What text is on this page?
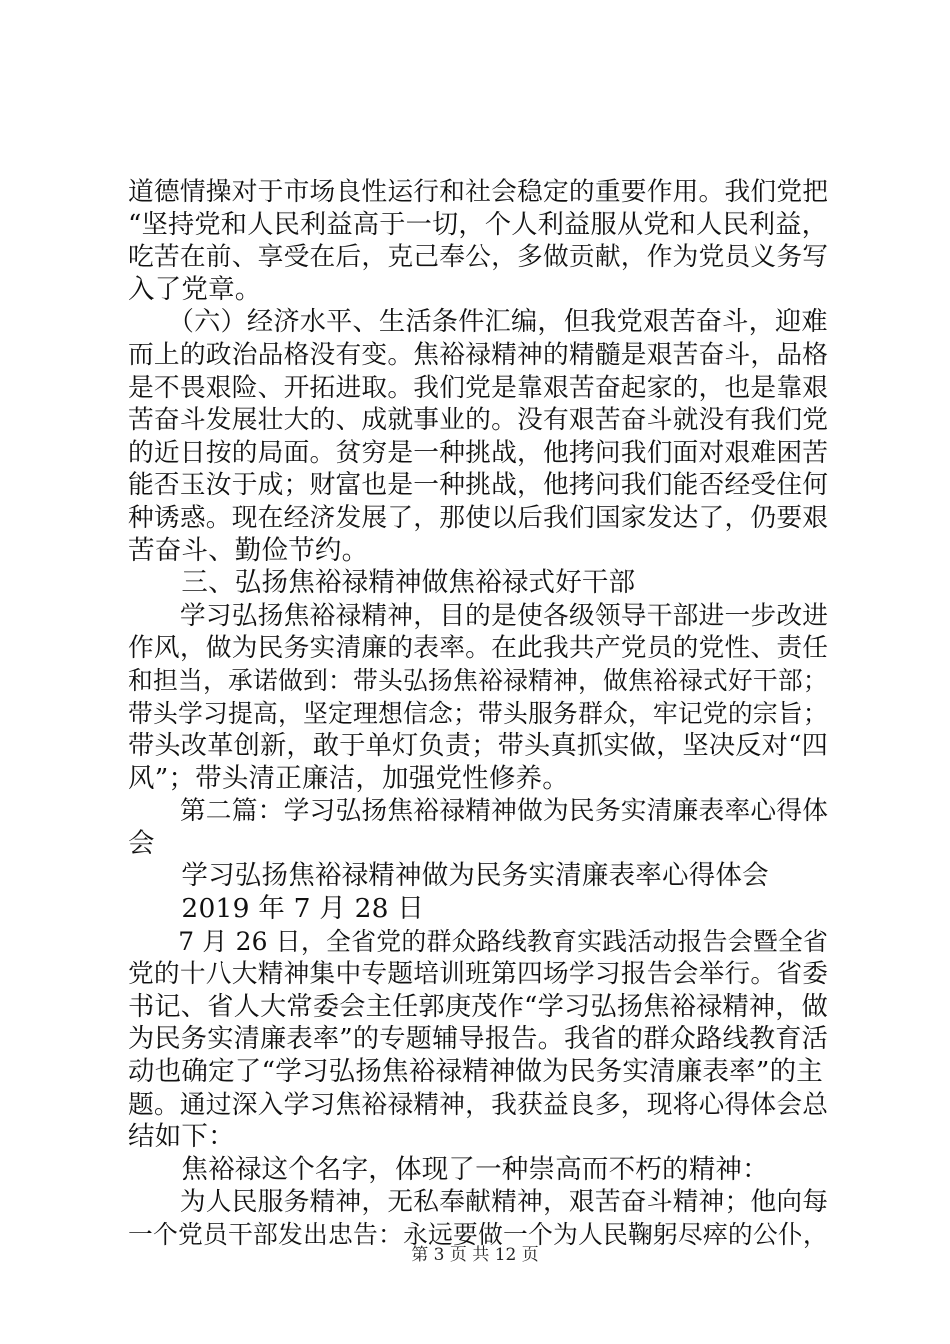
道德情操对于市场良性运行和社会稳定的重要作用。我们党把
“坚持党和人民利益高于一切，个人利益服从党和人民利益，
吃苦在前、享受在后，克己奉公，多做贡献，作为党员义务写
入了党章。
　　（六）经济水平、生活条件汇编，但我党艰苦奋斗，迎难
而上的政治品格没有变。焦裕禄精神的精髓是艰苦奋斗，品格
是不畏艰险、开拓进取。我们党是靠艰苦奋起家的，也是靠艰
苦奋斗发展壮大的、成就事业的。没有艰苦奋斗就没有我们党
的近日按的局面。贫穷是一种挑战，他拷问我们面对艰难困苦
能否玉汝于成；财富也是一种挑战，他拷问我们能否经受住何
种诱惑。现在经济发展了，那使以后我们国家发达了，仍要艰
苦奋斗、勤俭节约。
　　三、弘扬焦裕禄精神做焦裕禄式好干部
　　学习弘扬焦裕禄精神，目的是使各级领导干部进一步改进
作风，做为民务实清廉的表率。在此我共产党员的党性、责任
和担当，承诺做到：带头弘扬焦裕禄精神，做焦裕禄式好干部；
带头学习提高，坚定理想信念；带头服务群众，牢记党的宗旨；
带头改革创新，敢于单灯负责；带头真抓实做，坚决反对“四
风”；带头清正廉洁，加强党性修养。
　　第二篇：学习弘扬焦裕禄精神做为民务实清廉表率心得体
会
　　学习弘扬焦裕禄精神做为民务实清廉表率心得体会
　　2019 年 7 月 28 日
　　7 月 26 日，全省党的群众路线教育实践活动报告会暨全省
党的十八大精神集中专题培训班第四场学习报告会举行。省委
书记、省人大常委会主任郭庚茂作“学习弘扬焦裕禄精神，做
为民务实清廉表率”的专题辅导报告。我省的群众路线教育活
动也确定了“学习弘扬焦裕禄精神做为民务实清廉表率”的主
题。通过深入学习焦裕禄精神，我获益良多，现将心得体会总
结如下：
　　焦裕禄这个名字，体现了一种崇高而不朽的精神：
　　为人民服务精神，无私奉献精神，艰苦奋斗精神；他向每
一个党员干部发出忠告：永远要做一个为人民鞠躬尽瘁的公仆，
第 3 页 共 12 页
